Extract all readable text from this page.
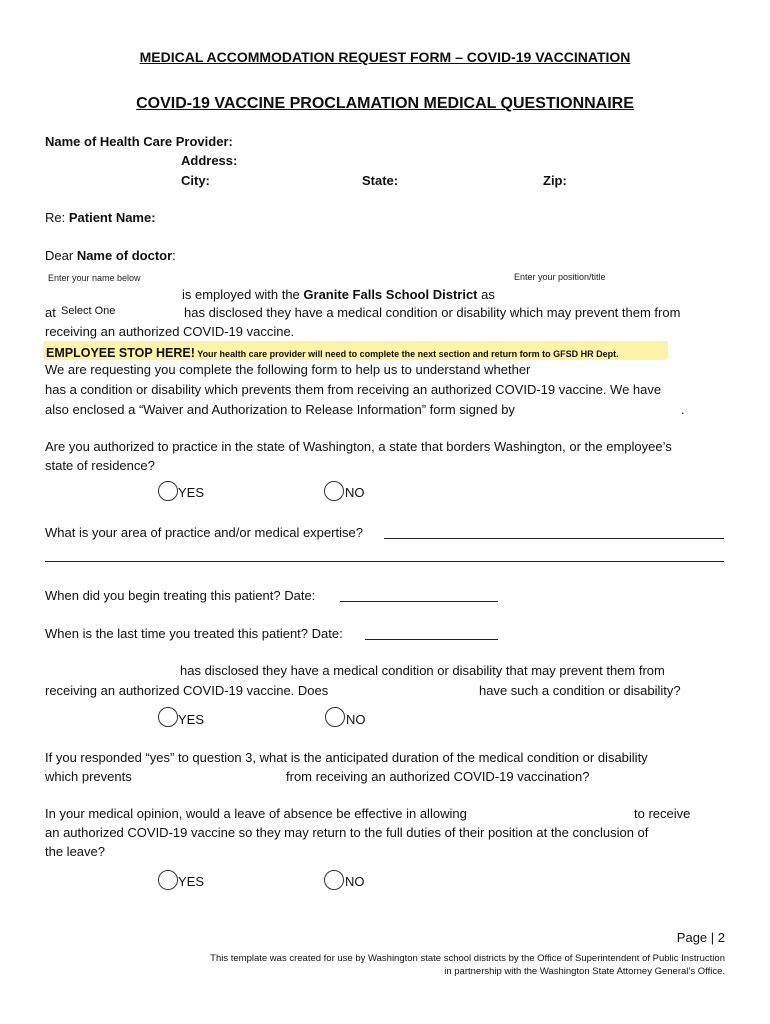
MEDICAL ACCOMMODATION REQUEST FORM – COVID-19 VACCINATION
COVID-19 VACCINE PROCLAMATION MEDICAL QUESTIONNAIRE
Name of Health Care Provider:
Address:
City:	State:	Zip:
Re: Patient Name:
Dear Name of doctor:
Enter your name below	Enter your position/title
is employed with the Granite Falls School District as
at Select One	has disclosed they have a medical condition or disability which may prevent them from
receiving an authorized COVID-19 vaccine.
EMPLOYEE STOP HERE! Your health care provider will need to complete the next section and return form to GFSD HR Dept.
We are requesting you complete the following form to help us to understand whether
has a condition or disability which prevents them from receiving an authorized COVID-19 vaccine. We have
also enclosed a “Waiver and Authorization to Release Information” form signed by	.
Are you authorized to practice in the state of Washington, a state that borders Washington, or the employee’s
state of residence?
YES	NO
What is your area of practice and/or medical expertise?
When did you begin treating this patient? Date:
When is the last time you treated this patient? Date:
has disclosed they have a medical condition or disability that may prevent them from
receiving an authorized COVID-19 vaccine. Does	have such a condition or disability?
YES	NO
If you responded “yes” to question 3, what is the anticipated duration of the medical condition or disability
which prevents	from receiving an authorized COVID-19 vaccination?
In your medical opinion, would a leave of absence be effective in allowing	to receive
an authorized COVID-19 vaccine so they may return to the full duties of their position at the conclusion of
the leave?
YES	NO
Page | 2
This template was created for use by Washington state school districts by the Office of Superintendent of Public Instruction
in partnership with the Washington State Attorney General’s Office.
